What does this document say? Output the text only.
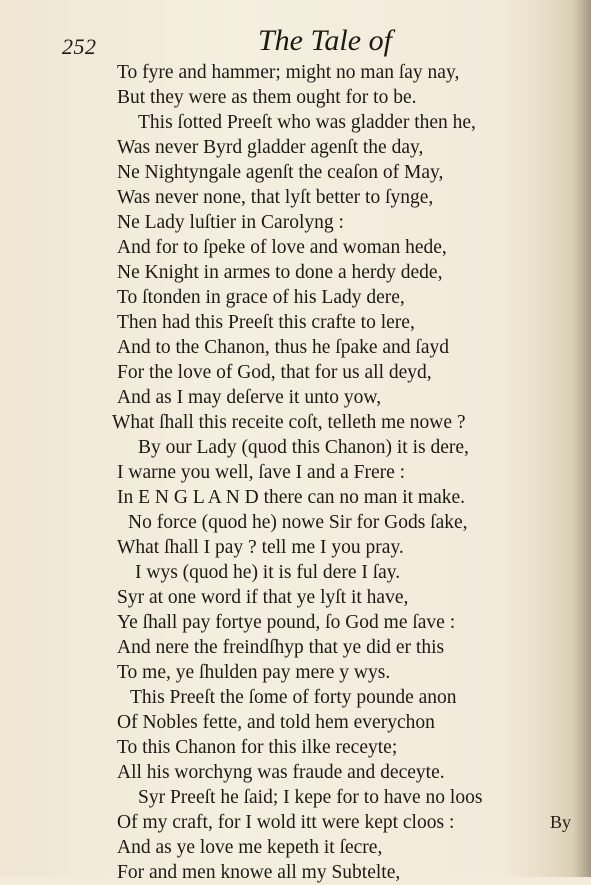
252	The Tale of
To fyre and hammer; might no man ſay nay,
But they were as them ought for to be.
This ſotted Preeſt who was gladder then he,
Was never Byrd gladder agenſt the day,
Ne Nightyngale agenſt the ceaſon of May,
Was never none, that lyſt better to ſynge,
Ne Lady luſtier in Carolyng :
And for to ſpeke of love and woman hede,
Ne Knight in armes to done a herdy dede,
To ſtonden in grace of his Lady dere,
Then had this Preeſt this crafte to lere,
And to the Chanon, thus he ſpake and ſayd
For the love of God, that for us all deyd,
And as I may deſerve it unto yow,
What ſhall this receite coſt, telleth me nowe ?
By our Lady (quod this Chanon) it is dere,
I warne you well, ſave I and a Frere :
In E N G L A N D there can no man it make.
No force (quod he) nowe Sir for Gods ſake,
What ſhall I pay ? tell me I you pray.
I wys (quod he) it is ful dere I ſay.
Syr at one word if that ye lyſt it have,
Ye ſhall pay fortye pound, ſo God me ſave :
And nere the freindſhyp that ye did er this
To me, ye ſhulden pay mere y wys.
This Preeſt the ſome of forty pounde anon
Of Nobles fette, and told hem everychon
To this Chanon for this ilke receyte;
All his worchyng was fraude and deceyte.
Syr Preeſt he ſaid; I kepe for to have no loos
Of my craft, for I wold itt were kept cloos :
And as ye love me kepeth it ſecre,
For and men knowe all my Subtelte,
By
